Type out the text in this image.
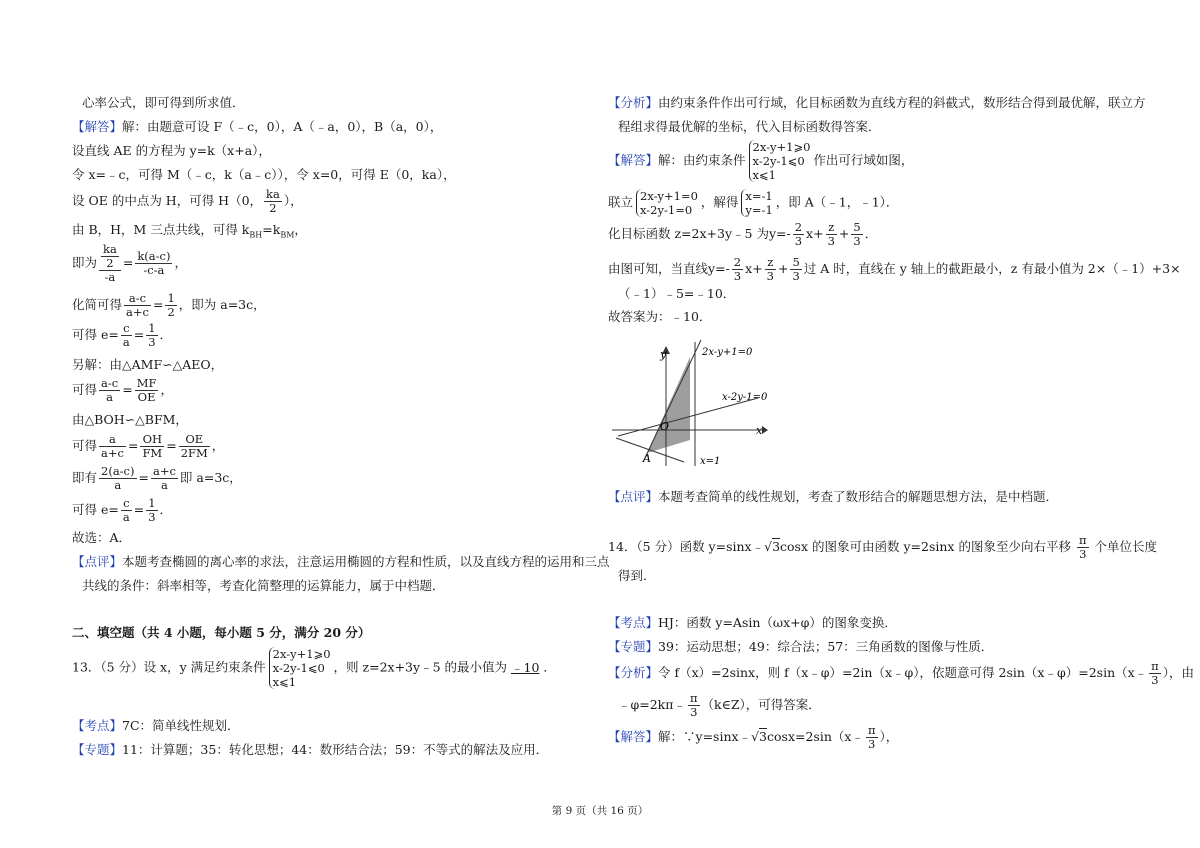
心率公式，即可得到所求值．
【解答】解：由题意可设 F（﹣c，0），A（﹣a，0），B（a，0），
设直线 AE 的方程为 y=k（x+a），
令 x=﹣c，可得 M（﹣c，k（a﹣c）），令 x=0，可得 E（0，ka），
设 OE 的中点为 H，可得 H（0， $\frac{ka}{2}$ ），
由 B，H，M 三点共线，可得 $k_{BH}=k_{BM}$，
即为 $\frac{\frac{ka}{2}}{-a} = \frac{k(a-c)}{-c-a}$ ，
化简可得 $\frac{a-c}{a+c} = \frac{1}{2}$ ，即为 a=3c，
可得 $e= \frac{c}{a} = \frac{1}{3}$ ．
另解：由△AMF∽△AEO，
可得 $\frac{a-c}{a} = \frac{MF}{OE}$ ，
由△BOH∽△BFM，
可得 $\frac{a}{a+c} = \frac{OH}{FM} = \frac{OE}{2FM}$ ，
即有 $\frac{2(a-c)}{a} = \frac{a+c}{a}$ 即 a=3c，
可得 $e= \frac{c}{a} = \frac{1}{3}$ ．
故选：A．
【点评】本题考查椭圆的离心率的求法，注意运用椭圆的方程和性质，以及直线方程的运用和三点
共线的条件：斜率相等，考查化简整理的运算能力，属于中档题．
二、填空题（共 4 小题，每小题 5 分，满分 20 分）
13．（5 分）设 x，y 满足约束条件
2x-y+1⩾0
x-2y-1⩽0
x⩽1
，则 z=2x+3y﹣5 的最小值为 ﹣10 ．
【考点】7C：简单线性规划．
【专题】11：计算题；35：转化思想；44：数形结合法；59：不等式的解法及应用．
【分析】由约束条件作出可行域，化目标函数为直线方程的斜截式，数形结合得到最优解，联立方
程组求得最优解的坐标，代入目标函数得答案．
【解答】解：由约束条件
2x-y+1⩾0
x-2y-1⩽0
x⩽1
作出可行域如图，
联立 2x-y+1=0
x-2y-1=0
，解得 x=-1
y=-1
，即 A（﹣1，﹣1）．
化目标函数 z=2x+3y﹣5 为$y=- \frac{2}{3} x+ \frac{z}{3} + \frac{5}{3}$ ．
由图可知，当直线$y=- \frac{2}{3} x+ \frac{z}{3} + \frac{5}{3}$ 过 A 时，直线在 y 轴上的截距最小，z 有最小值为 2×（﹣1）+3×
（﹣1）﹣5=﹣10．
故答案为：﹣10．
2x-y+1=0
x-2y-1=0
x=1
y
x
O
A
【点评】本题考查简单的线性规划，考查了数形结合的解题思想方法，是中档题．
14．（5 分）函数 y=sinx﹣√3cosx 的图象可由函数 y=2sinx 的图象至少向右平移 $\frac{\pi}{3}$ 个单位长度
得到．
【考点】HJ：函数 y=Asin（ωx+φ）的图象变换．
【专题】39：运动思想；49：综合法；57：三角函数的图像与性质．
【分析】令 f（x）=2sinx，则 f（x﹣φ）=2in（x﹣φ），依题意可得 2sin（x﹣φ）=2sin（x﹣ $\frac{\pi}{3}$ ），由
﹣φ=2kπ﹣ $\frac{\pi}{3}$ （k∈Z），可得答案．
【解答】解：∵y=sinx﹣√3cosx=2sin（x﹣ $\frac{\pi}{3}$ ），
第 9 页（共 16 页）
